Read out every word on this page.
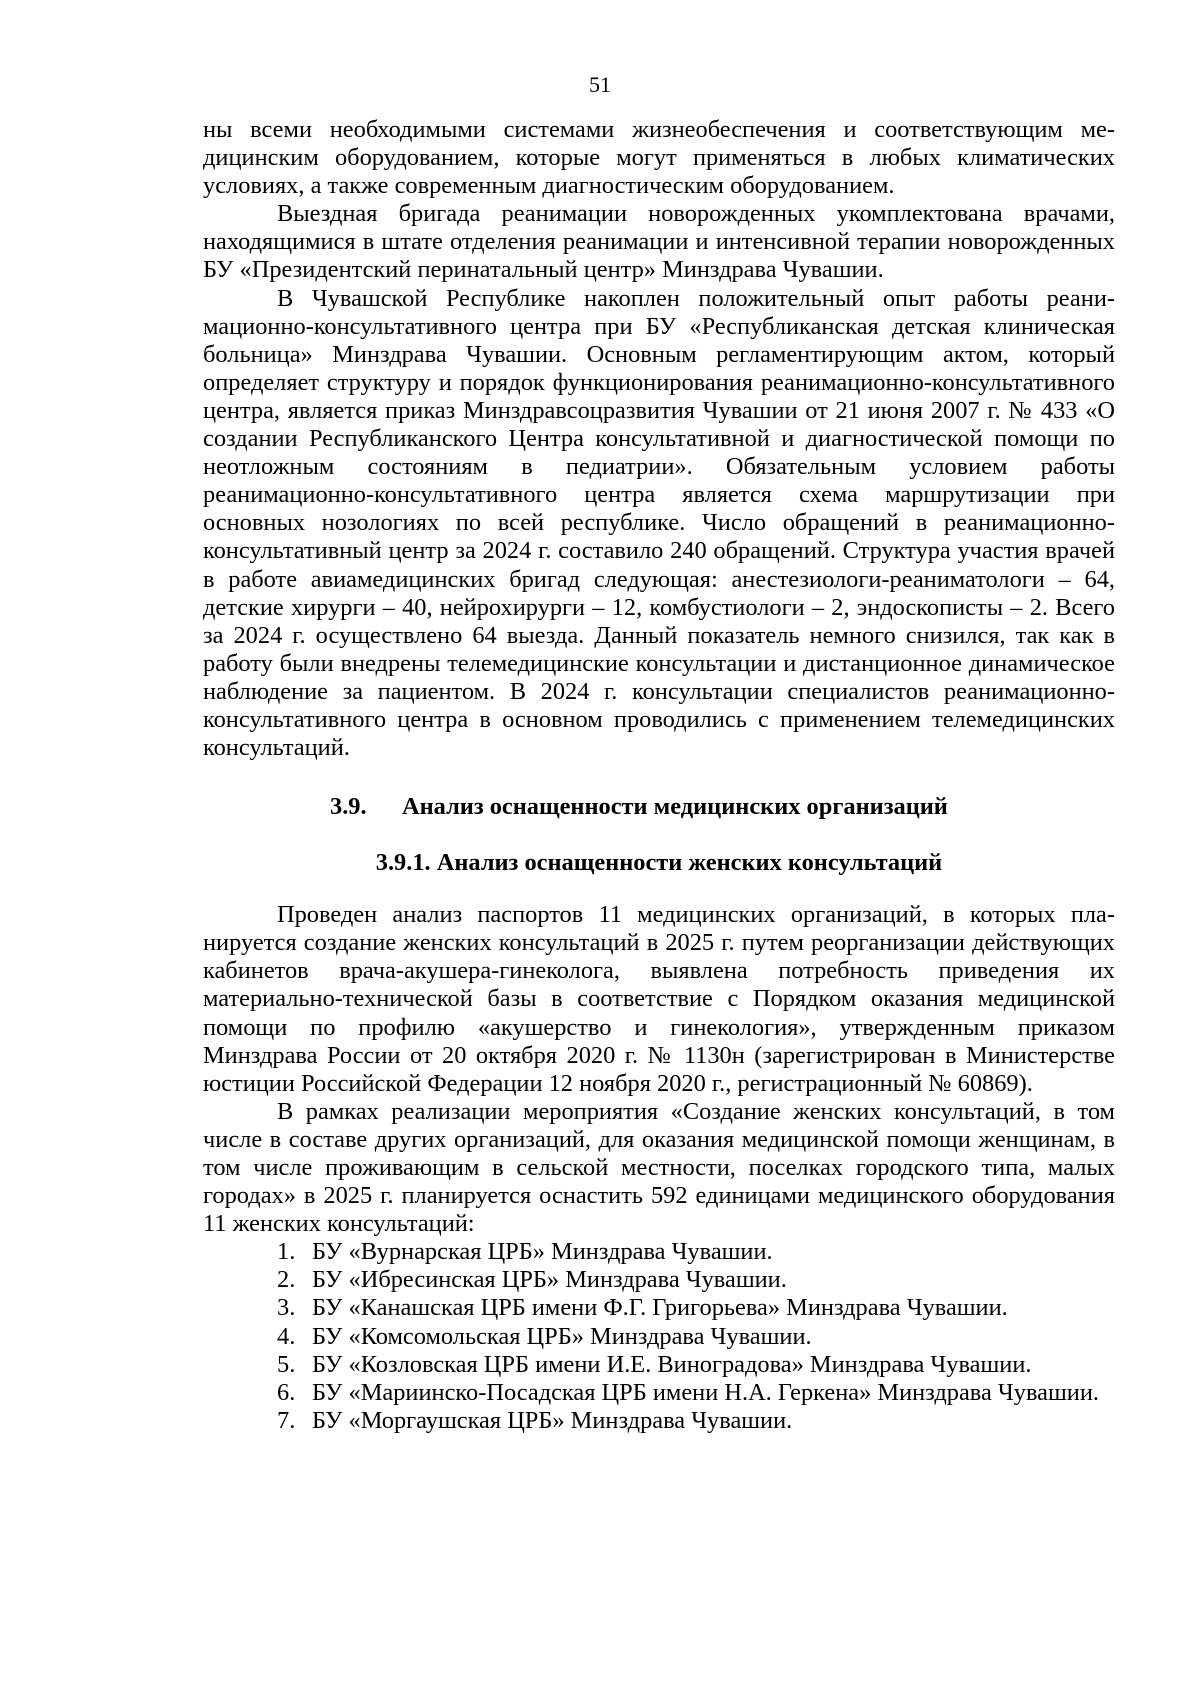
51

ны всеми необходимыми системами жизнеобеспечения и соответствующим медицинским оборудованием, которые могут применяться в любых климатических условиях, а также современным диагностическим оборудованием.

Выездная бригада реанимации новорожденных укомплектована врачами, находящимися в штате отделения реанимации и интенсивной терапии новорожденных БУ «Президентский перинатальный центр» Минздрава Чувашии.

В Чувашской Республике накоплен положительный опыт работы реанимационно-консультативного центра при БУ «Республиканская детская клиническая больница» Минздрава Чувашии. Основным регламентирующим актом, который определяет структуру и порядок функционирования реанимационно-консультативного центра, является приказ Минздравсоцразвития Чувашии от 21 июня 2007 г. № 433 «О создании Республиканского Центра консультативной и диагностической помощи по неотложным состояниям в педиатрии». Обязательным условием работы реанимационно-консультативного центра является схема маршрутизации при основных нозологиях по всей республике. Число обращений в реанимационно-консультативный центр за 2024 г. составило 240 обращений. Структура участия врачей в работе авиамедицинских бригад следующая: анестезиологи-реаниматологи – 64, детские хирурги – 40, нейрохирурги – 12, комбустиологи – 2, эндоскописты – 2. Всего за 2024 г. осуществлено 64 выезда. Данный показатель немного снизился, так как в работу были внедрены телемедицинские консультации и дистанционное динамическое наблюдение за пациентом. В 2024 г. консультации специалистов реанимационно-консультативного центра в основном проводились с применением телемедицинских консультаций.

3.9. Анализ оснащенности медицинских организаций
3.9.1. Анализ оснащенности женских консультаций

Проведен анализ паспортов 11 медицинских организаций, в которых планируется создание женских консультаций в 2025 г. путем реорганизации действующих кабинетов врача-акушера-гинеколога, выявлена потребность приведения их материально-технической базы в соответствие с Порядком оказания медицинской помощи по профилю «акушерство и гинекология», утвержденным приказом Минздрава России от 20 октября 2020 г. № 1130н (зарегистрирован в Министерстве юстиции Российской Федерации 12 ноября 2020 г., регистрационный № 60869).

В рамках реализации мероприятия «Создание женских консультаций, в том числе в составе других организаций, для оказания медицинской помощи женщинам, в том числе проживающим в сельской местности, поселках городского типа, малых городах» в 2025 г. планируется оснастить 592 единицами медицинского оборудования 11 женских консультаций:

1. БУ «Вурнарская ЦРБ» Минздрава Чувашии.
2. БУ «Ибресинская ЦРБ» Минздрава Чувашии.
3. БУ «Канашская ЦРБ имени Ф.Г. Григорьева» Минздрава Чувашии.
4. БУ «Комсомольская ЦРБ» Минздрава Чувашии.
5. БУ «Козловская ЦРБ имени И.Е. Виноградова» Минздрава Чувашии.
6. БУ «Мариинско-Посадская ЦРБ имени Н.А. Геркена» Минздрава Чувашии.
7. БУ «Моргаушская ЦРБ» Минздрава Чувашии.
